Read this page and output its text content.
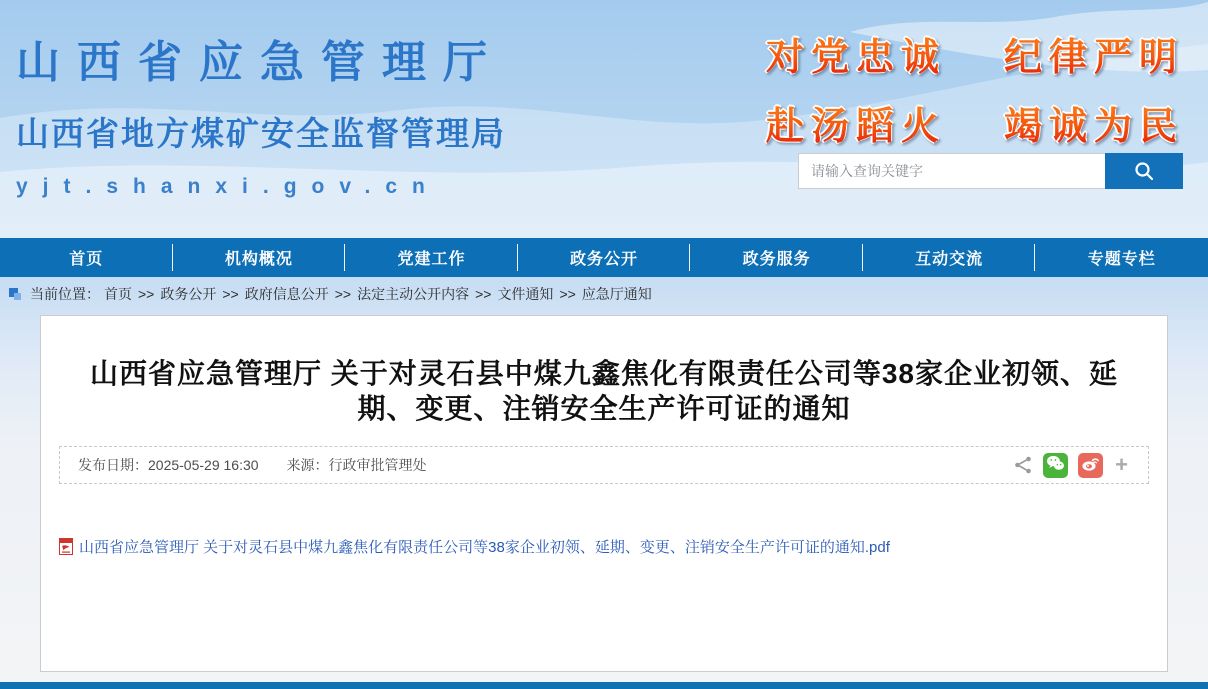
山西省应急管理厅
山西省地方煤矿安全监督管理局
yjt.shanxi.gov.cn
对党忠诚 纪律严明
赴汤蹈火 竭诚为民
请输入查询关键字
首页	机构概况	党建工作	政务公开	政务服务	互动交流	专题专栏
当前位置： 首页 >> 政务公开 >> 政府信息公开 >> 法定主动公开内容 >> 文件通知 >> 应急厅通知
山西省应急管理厅 关于对灵石县中煤九鑫焦化有限责任公司等38家企业初领、延期、变更、注销安全生产许可证的通知
发布日期：2025-05-29 16:30 来源：行政审批管理处	+
山西省应急管理厅 关于对灵石县中煤九鑫焦化有限责任公司等38家企业初领、延期、变更、注销安全生产许可证的通知.pdf
